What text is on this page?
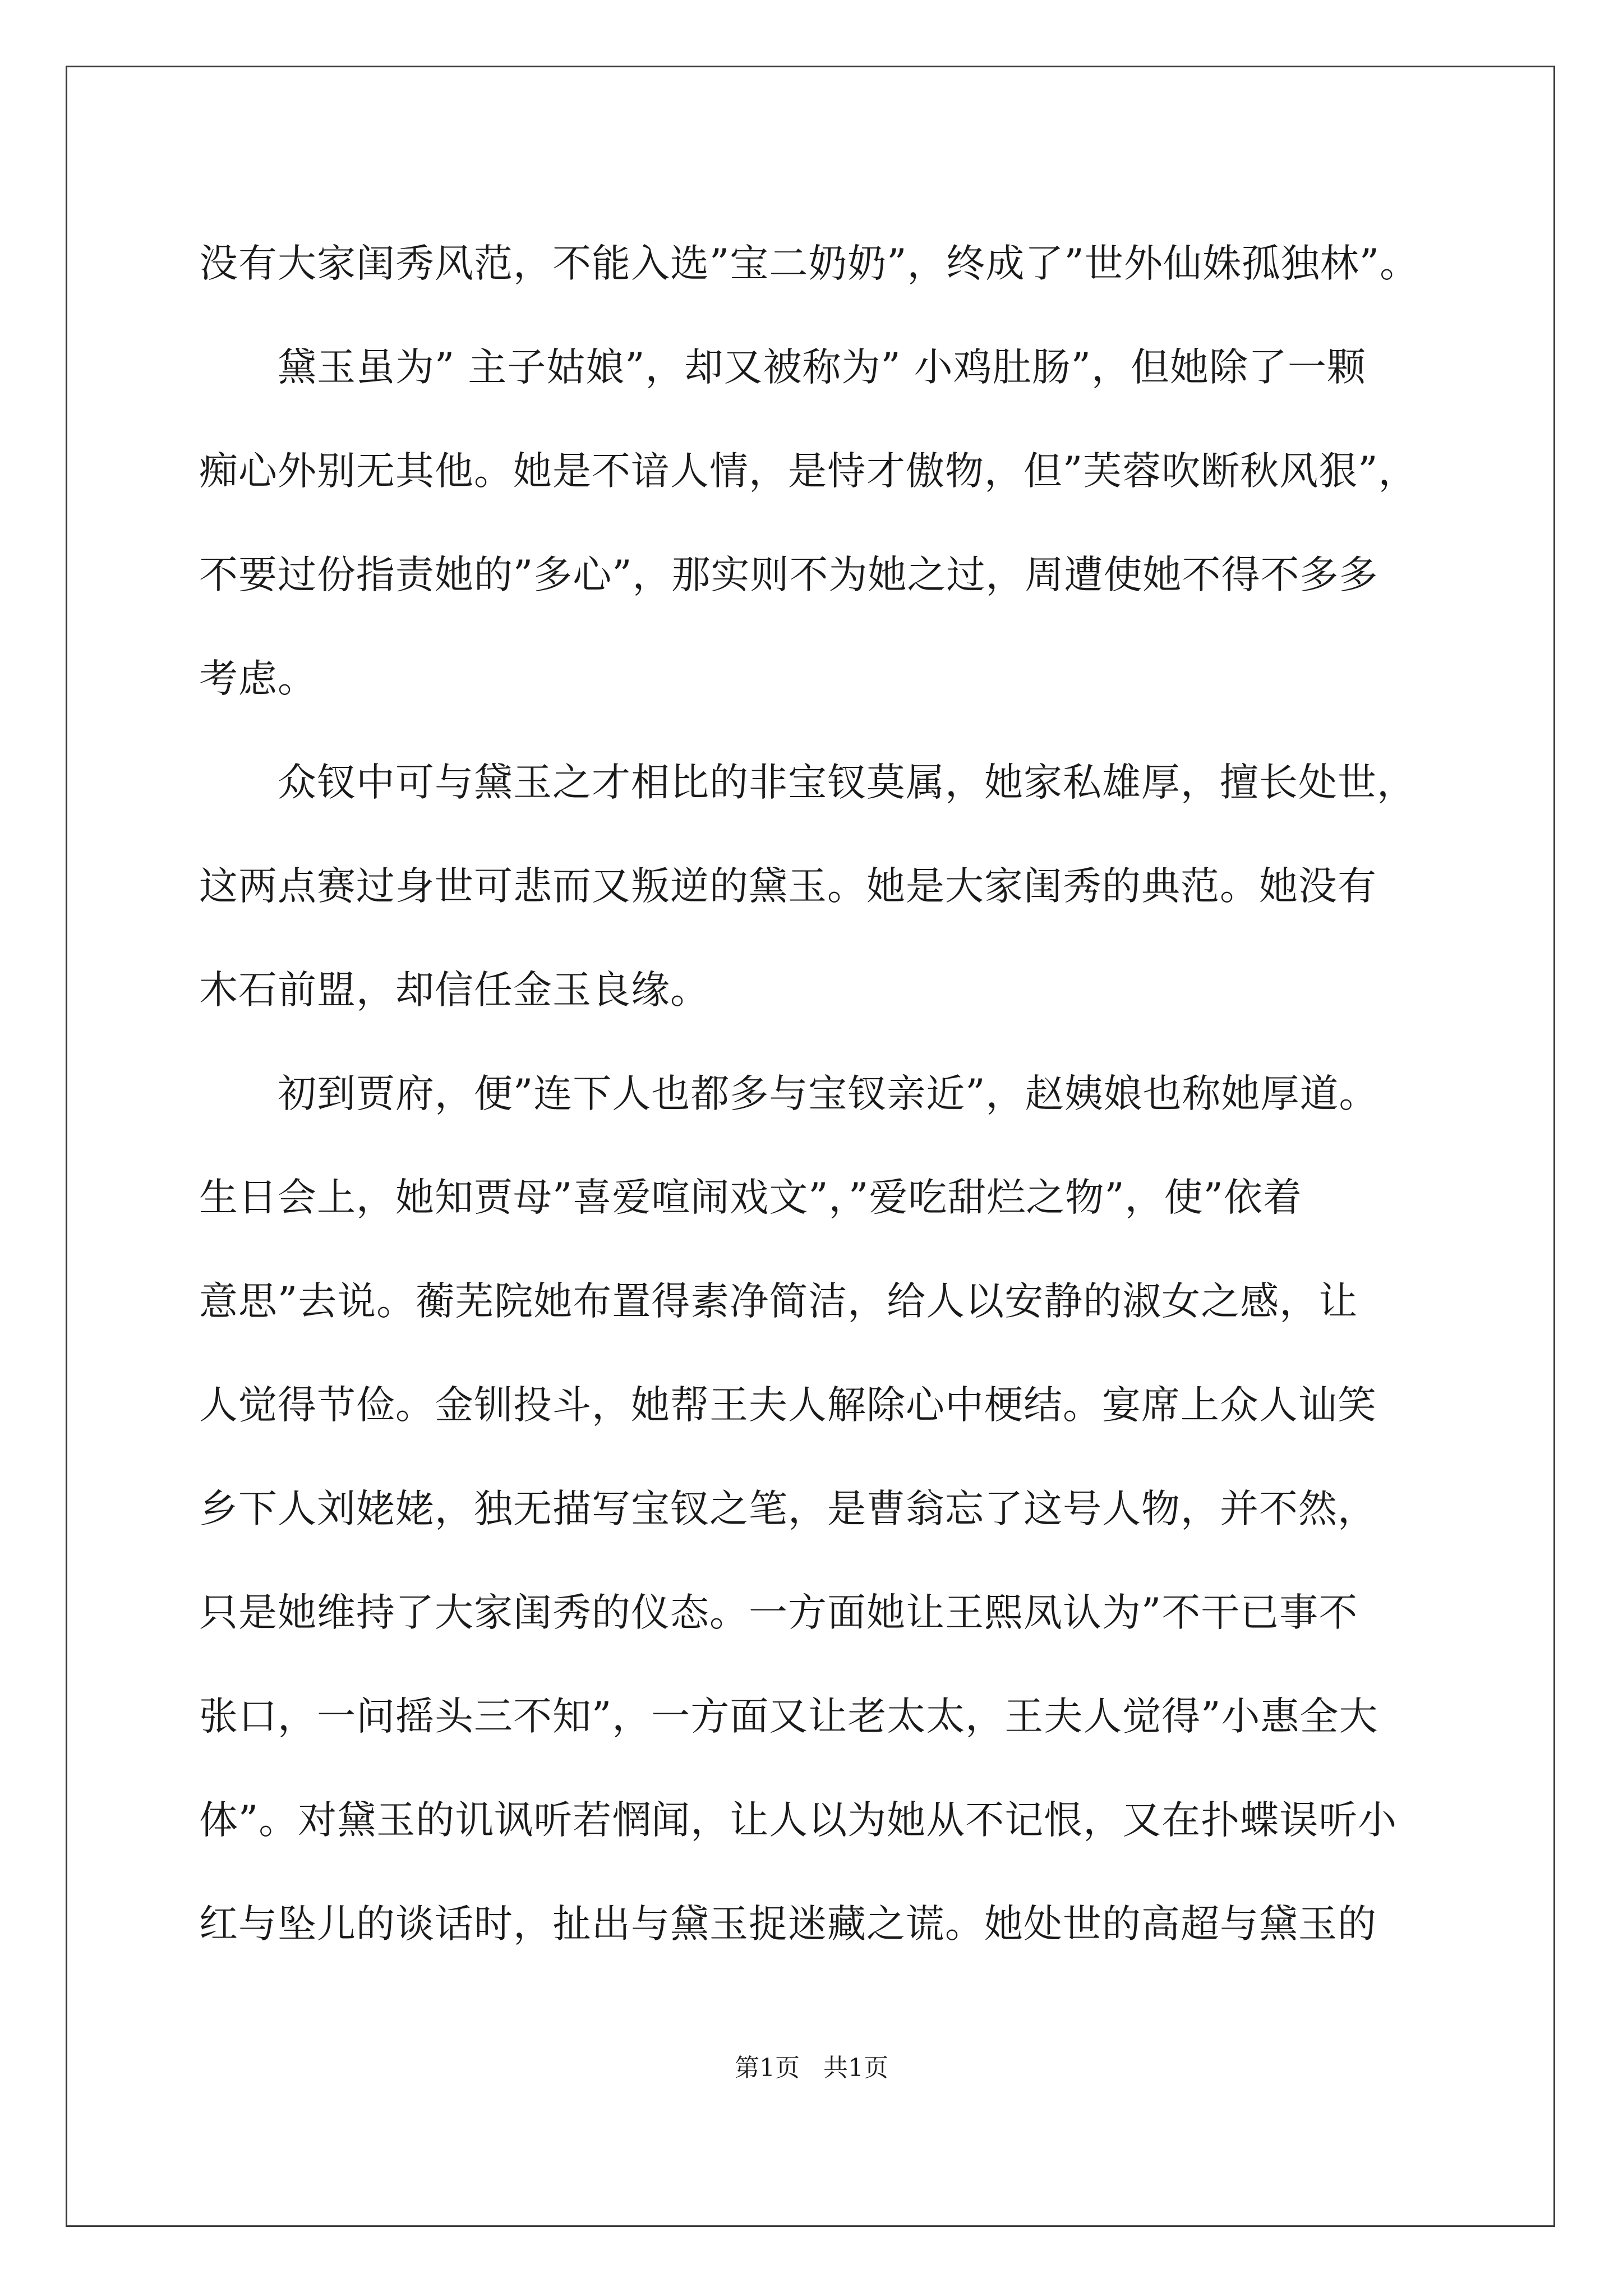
没有大家闺秀风范，不能入选”宝二奶奶”，终成了”世外仙姝孤独林”。
　　黛玉虽为” 主子姑娘”，却又被称为” 小鸡肚肠”，但她除了一颗
痴心外别无其他。她是不谙人情，是恃才傲物，但”芙蓉吹断秋风狠”，
不要过份指责她的”多心”，那实则不为她之过，周遭使她不得不多多
考虑。
　　众钗中可与黛玉之才相比的非宝钗莫属，她家私雄厚，擅长处世，
这两点赛过身世可悲而又叛逆的黛玉。她是大家闺秀的典范。她没有
木石前盟，却信任金玉良缘。
　　初到贾府，便”连下人也都多与宝钗亲近”，赵姨娘也称她厚道。
生日会上，她知贾母”喜爱喧闹戏文”，”爱吃甜烂之物”，使”依着
意思”去说。蘅芜院她布置得素净简洁，给人以安静的淑女之感，让
人觉得节俭。金钏投斗，她帮王夫人解除心中梗结。宴席上众人讪笑
乡下人刘姥姥，独无描写宝钗之笔，是曹翁忘了这号人物，并不然，
只是她维持了大家闺秀的仪态。一方面她让王熙凤认为”不干已事不
张口，一问摇头三不知”，一方面又让老太太，王夫人觉得”小惠全大
体”。对黛玉的讥讽听若惘闻，让人以为她从不记恨，又在扑蝶误听小
红与坠儿的谈话时，扯出与黛玉捉迷藏之谎。她处世的高超与黛玉的
第1页 共1页
